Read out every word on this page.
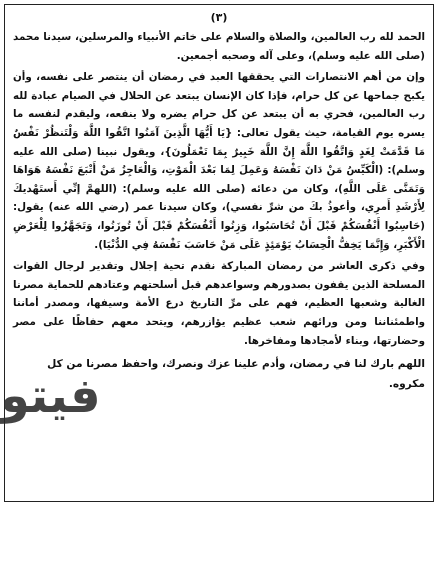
(٣)

الحمد لله رب العالمين، والصلاة والسلام على خاتم الأنبياء والمرسلين، سيدنا محمد (صلى الله عليه وسلم)، وعلى آله وصحبه أجمعين.

وإن من أهم الانتصارات التي يحققها العبد في رمضان أن ينتصر على نفسه، وأن يكبح جماحها عن كل حرام، فإذا كان الإنسان يبتعد عن الحلال في الصيام عبادة لله رب العالمين، فحري به أن يبتعد عن كل حرام يضره ولا ينفعه، وليقدم لنفسه ما يسره يوم القيامة، حيث يقول تعالى: {يَا أَيُّهَا الَّذِينَ آمَنُوا اتَّقُوا اللَّهَ وَلْتَنظُرْ نَفْسٌ مَا قَدَّمَتْ لِغَدٍ وَاتَّقُوا اللَّهَ إِنَّ اللَّهَ خَبِيرٌ بِمَا تَعْمَلُونَ}، ويقول نبينا (صلى الله عليه وسلم): (الْكَيِّسُ مَنْ دَانَ نَفْسَهُ وَعَمِلَ لِمَا بَعْدَ الْمَوْتِ، وَالْعَاجِزُ مَنْ أَتْبَعَ نَفْسَهُ هَوَاهَا وَتَمَنَّى عَلَى اللَّهِ)، وكان من دعائه (صلى الله عليه وسلم): (اللهمَّ إنِّي أَستَهْديكَ لِأَرْشَدِ أَمرِي، وأعوذُ بكَ من شرِّ نفسي)، وكان سيدنا عمر (رضي الله عنه) يقول: (حَاسِبُوا أَنْفُسَكُمْ قَبْلَ أَنْ تُحَاسَبُوا، وَزِنُوا أَنْفُسَكُمْ قَبْلَ أَنْ تُوزَنُوا، وَتَجَهَّزُوا لِلْعَرْضِ الْأَكْبَرِ، وَإِنَّمَا يَخِفُّ الْحِسَابُ يَوْمَئِذٍ عَلَى مَنْ حَاسَبَ نَفْسَهُ فِي الدُّنْيَا).

وفي ذكرى العاشر من رمضان المباركة نقدم تحية إجلال وتقدير لرجال القوات المسلحة الذين يقفون بصدورهم وسواعدهم قبل أسلحتهم وعتادهم للحماية مصرنا الغالية وشعبها العظيم، فهم على مرِّ التاريخ درع الأمة وسيفها، ومصدر أماننا واطمئناننا ومن ورائهم شعب عظيم يؤازرهم، ويتحد معهم حفاظًا على مصر وحضارتها، وبناء لأمجادها ومفاخرها.

اللهم بارك لنا في رمضان، وأدم علينا عزك ونصرك، واحفظ مصرنا من كل مكروه.
فيتو
